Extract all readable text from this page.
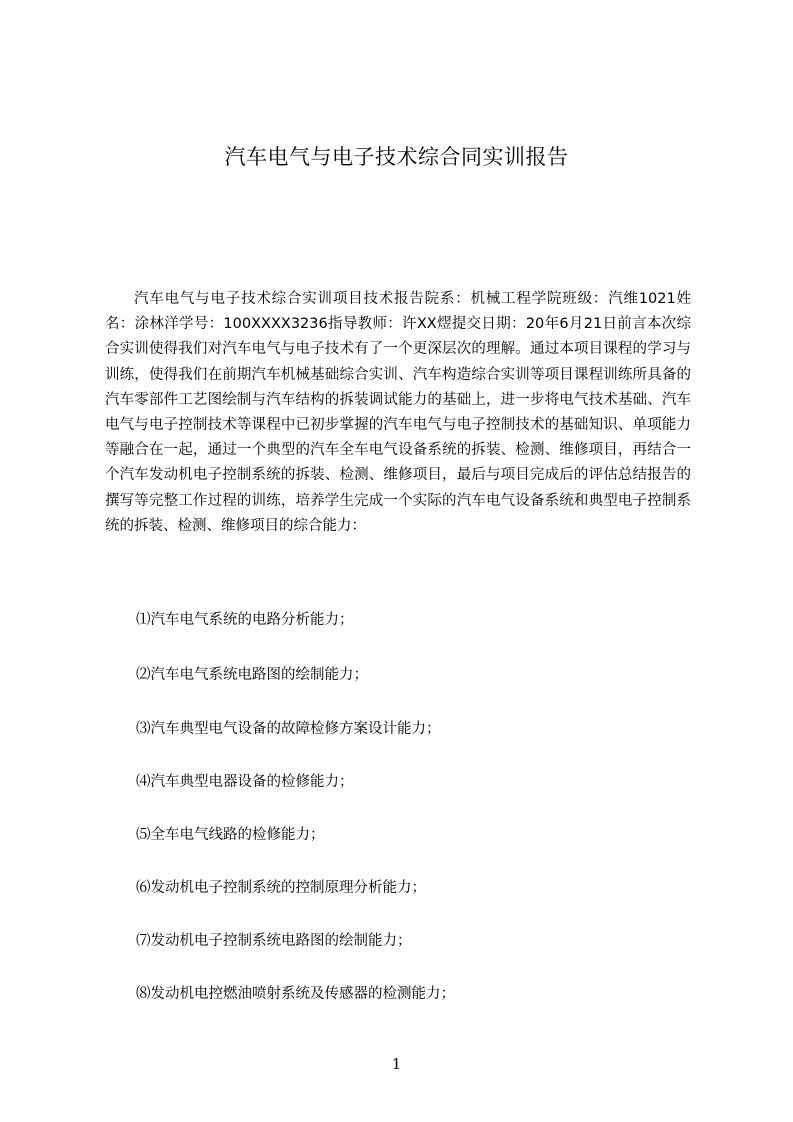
汽车电气与电子技术综合同实训报告

汽车电气与电子技术综合实训项目技术报告院系：机械工程学院班级：汽维1021姓名：涂林洋学号：100XXXX3236指导教师：许XX熤提交日期：20年6月21日前言本次综合实训使得我们对汽车电气与电子技术有了一个更深层次的理解。通过本项目课程的学习与训练，使得我们在前期汽车机械基础综合实训、汽车构造综合实训等项目课程训练所具备的汽车零部件工艺图绘制与汽车结构的拆装调试能力的基础上，进一步将电气技术基础、汽车电气与电子控制技术等课程中已初步掌握的汽车电气与电子控制技术的基础知识、单项能力等融合在一起，通过一个典型的汽车全车电气设备系统的拆装、检测、维修项目，再结合一个汽车发动机电子控制系统的拆装、检测、维修项目，最后与项目完成后的评估总结报告的撰写等完整工作过程的训练，培养学生完成一个实际的汽车电气设备系统和典型电子控制系统的拆装、检测、维修项目的综合能力：

⑴汽车电气系统的电路分析能力；

⑵汽车电气系统电路图的绘制能力；

⑶汽车典型电气设备的故障检修方案设计能力；

⑷汽车典型电器设备的检修能力；

⑸全车电气线路的检修能力；

⑹发动机电子控制系统的控制原理分析能力；

⑺发动机电子控制系统电路图的绘制能力；

⑻发动机电控燃油喷射系统及传感器的检测能力；

1
